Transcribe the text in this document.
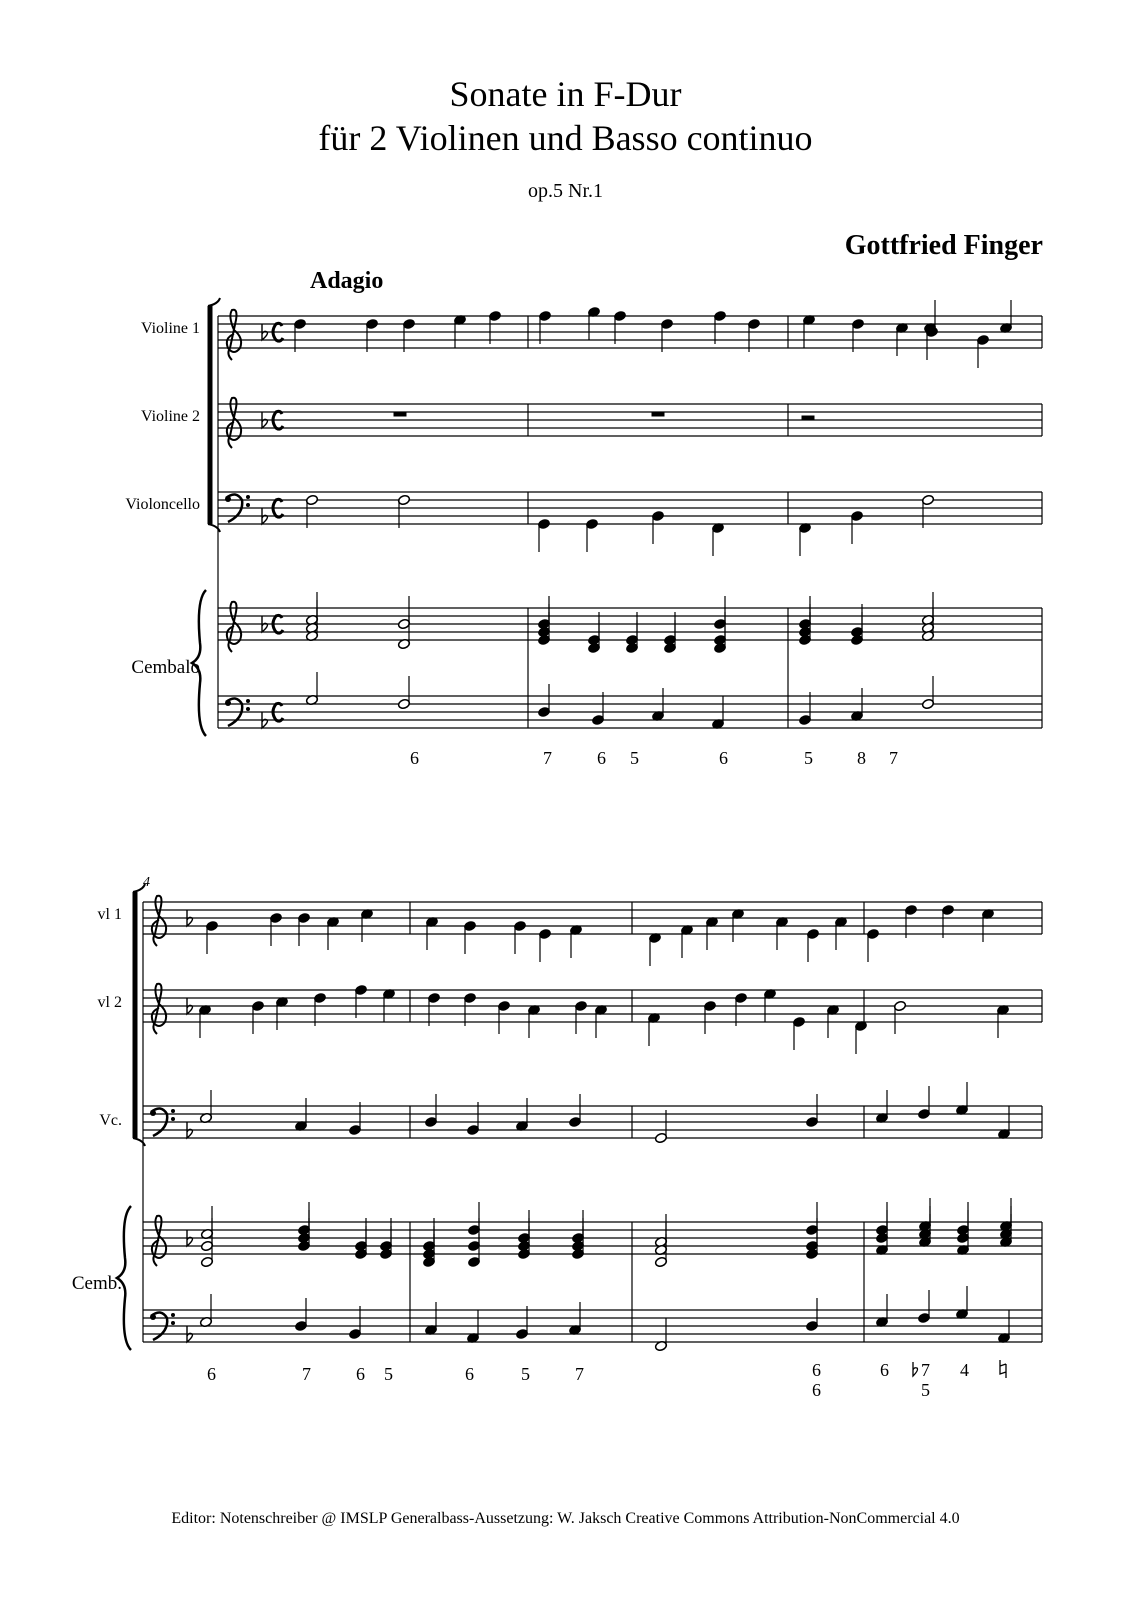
Sonate in F-Dur
für 2 Violinen und Basso continuo
op.5 Nr.1
Gottfried Finger
Adagio
Violine 1
Violine 2
Violoncello
Cembalo
vl 1
vl 2
Vc.
Cemb.
4
6	7	6 5	6	5 8 7
6	7	6 5	6	5	7	6
6
6 7
5
4
Editor: Notenschreiber @ IMSLP Generalbass-Aussetzung: W. Jaksch Creative Commons Attribution-NonCommercial 4.0
